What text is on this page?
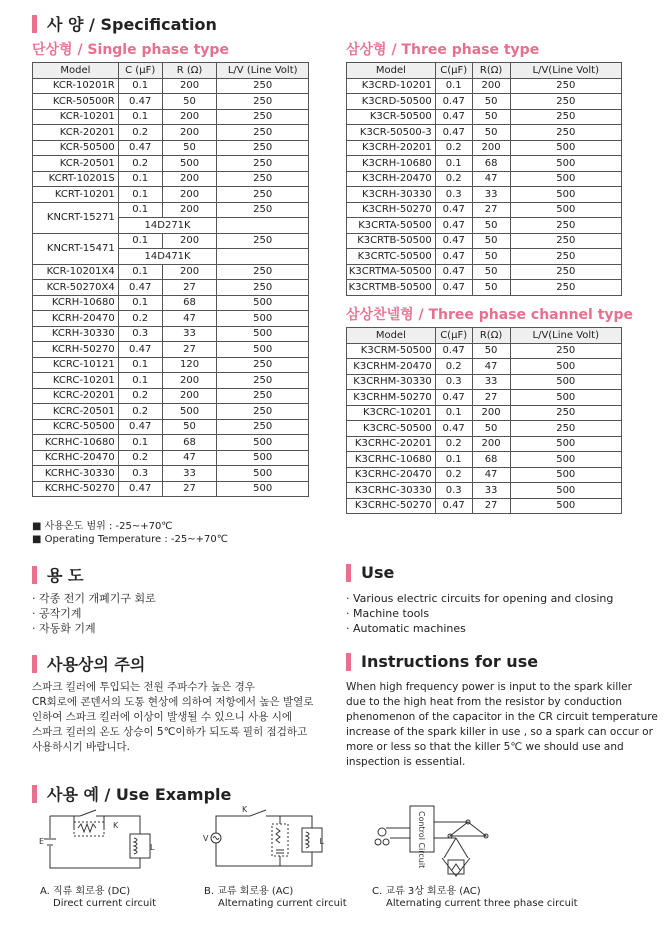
사 양 / Specification
단상형 / Single phase type	삼상형 / Three phase type
Model	C (μF)	R (Ω)	L/V (Line Volt)
KCR-10201R	0.1	200	250
KCR-50500R	0.47	50	250
KCR-10201	0.1	200	250
KCR-20201	0.2	200	250
KCR-50500	0.47	50	250
KCR-20501	0.2	500	250
KCRT-10201S	0.1	200	250
KCRT-10201	0.1	200	250
KNCRT-15271	0.1	200	250
	14D271K		
KNCRT-15471	0.1	200	250
	14D471K		
KCR-10201X4	0.1	200	250
KCR-50270X4	0.47	27	250
KCRH-10680	0.1	68	500
KCRH-20470	0.2	47	500
KCRH-30330	0.3	33	500
KCRH-50270	0.47	27	500
KCRC-10121	0.1	120	250
KCRC-10201	0.1	200	250
KCRC-20201	0.2	200	250
KCRC-20501	0.2	500	250
KCRC-50500	0.47	50	250
KCRHC-10680	0.1	68	500
KCRHC-20470	0.2	47	500
KCRHC-30330	0.3	33	500
KCRHC-50270	0.47	27	500
Model	C(μF)	R(Ω)	L/V(Line Volt)
K3CRD-10201	0.1	200	250
K3CRD-50500	0.47	50	250
K3CR-50500	0.47	50	250
K3CR-50500-3	0.47	50	250
K3CRH-20201	0.2	200	500
K3CRH-10680	0.1	68	500
K3CRH-20470	0.2	47	500
K3CRH-30330	0.3	33	500
K3CRH-50270	0.47	27	500
K3CRTA-50500	0.47	50	250
K3CRTB-50500	0.47	50	250
K3CRTC-50500	0.47	50	250
K3CRTMA-50500	0.47	50	250
K3CRTMB-50500	0.47	50	250
삼상찬넬형 / Three phase channel type
Model	C(μF)	R(Ω)	L/V(Line Volt)
K3CRM-50500	0.47	50	250
K3CRHM-20470	0.2	47	500
K3CRHM-30330	0.3	33	500
K3CRHM-50270	0.47	27	500
K3CRC-10201	0.1	200	250
K3CRC-50500	0.47	50	250
K3CRHC-20201	0.2	200	500
K3CRHC-10680	0.1	68	500
K3CRHC-20470	0.2	47	500
K3CRHC-30330	0.3	33	500
K3CRHC-50270	0.47	27	500
■ 사용온도 범위 : -25~+70℃
■ Operating Temperature : -25~+70℃
용 도	Use
· 각종 전기 개폐기구 회로
· 공작기계
· 자동화 기계
· Various electric circuits for opening and closing
· Machine tools
· Automatic machines
사용상의 주의	Instructions for use
스파크 킬러에 투입되는 전원 주파수가 높은 경우
CR회로에 콘덴서의 도통 현상에 의하여 저항에서 높은 발열로
인하여 스파크 킬러에 이상이 발생될 수 있으니 사용 시에
스파크 킬러의 온도 상승이 5℃이하가 되도록 필히 점검하고
사용하시기 바랍니다.
When high frequency power is input to the spark killer
due to the high heat from the resistor by conduction
phenomenon of the capacitor in the CR circuit temperature
increase of the spark killer in use , so a spark can occur or
more or less so that the killer 5℃ we should use and
inspection is essential.
사용 예 / Use Example
E
K
L
A. 직류 회로용 (DC)
Direct current circuit
V
K
L
B. 교류 회로용 (AC)
Alternating current circuit
Control Circuit
C. 교류 3상 회로용 (AC)
Alternating current three phase circuit
